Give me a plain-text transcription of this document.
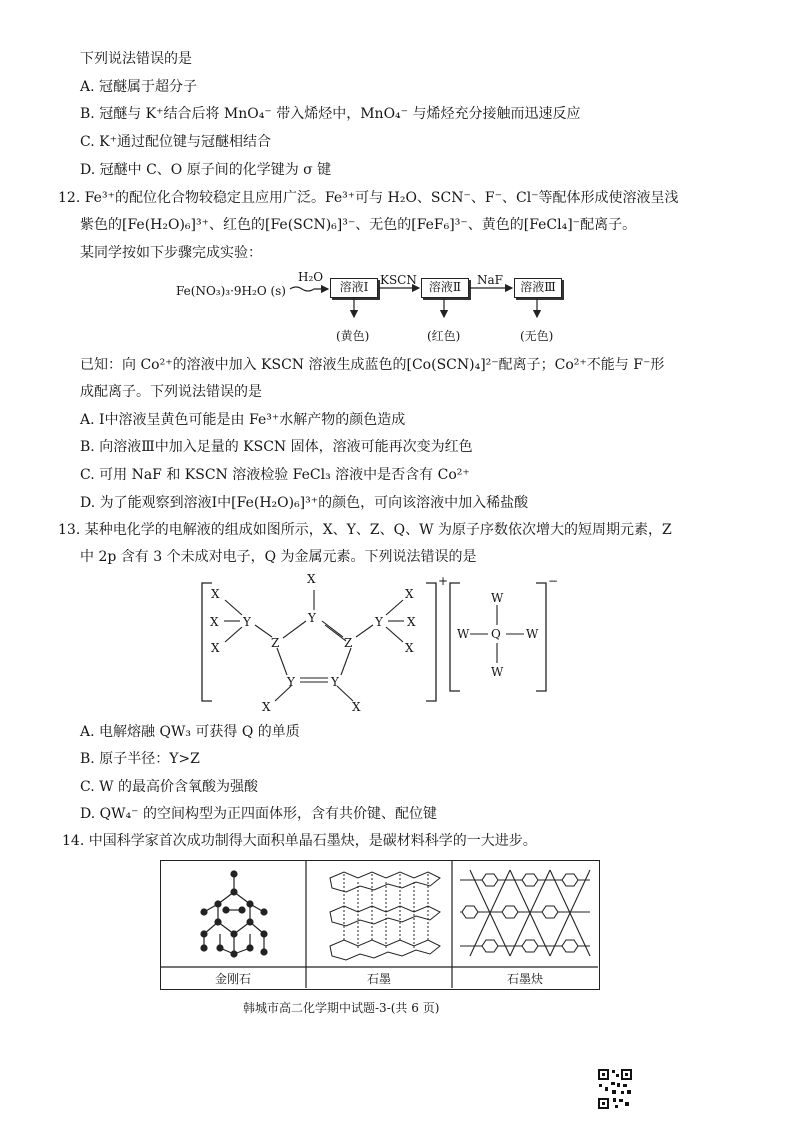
下列说法错误的是
A. 冠醚属于超分子
B. 冠醚与 K⁺结合后将 MnO₄⁻ 带入烯烃中，MnO₄⁻ 与烯烃充分接触而迅速反应
C. K⁺通过配位键与冠醚相结合
D. 冠醚中 C、O 原子间的化学键为 σ 键
12. Fe³⁺的配位化合物较稳定且应用广泛。Fe³⁺可与 H₂O、SCN⁻、F⁻、Cl⁻等配体形成使溶液呈浅
紫色的[Fe(H₂O)₆]³⁺、红色的[Fe(SCN)₆]³⁻、无色的[FeF₆]³⁻、黄色的[FeCl₄]⁻配离子。
某同学按如下步骤完成实验：
Fe(NO₃)₃·9H₂O (s)
H₂O	KSCN	NaF
溶液Ⅰ	溶液Ⅱ	溶液Ⅲ
(黄色)	(红色)	(无色)
已知：向 Co²⁺的溶液中加入 KSCN 溶液生成蓝色的[Co(SCN)₄]²⁻配离子；Co²⁺不能与 F⁻形
成配离子。下列说法错误的是
A. Ⅰ中溶液呈黄色可能是由 Fe³⁺水解产物的颜色造成
B. 向溶液Ⅲ中加入足量的 KSCN 固体，溶液可能再次变为红色
C. 可用 NaF 和 KSCN 溶液检验 FeCl₃ 溶液中是否含有 Co²⁺
D. 为了能观察到溶液Ⅰ中[Fe(H₂O)₆]³⁺的颜色，可向该溶液中加入稀盐酸
13. 某种电化学的电解液的组成如图所示，X、Y、Z、Q、W 为原子序数依次增大的短周期元素，Z
中 2p 含有 3 个未成对电子，Q 为金属元素。下列说法错误的是
+	−
X
Y
X
X
X
Y
Z	Z
Y
X
X
X
Y	Y
X	X
W
W Q W
W
A. 电解熔融 QW₃ 可获得 Q 的单质
B. 原子半径：Y>Z
C. W 的最高价含氧酸为强酸
D. QW₄⁻ 的空间构型为正四面体形，含有共价键、配位键
14. 中国科学家首次成功制得大面积单晶石墨炔，是碳材料科学的一大进步。
金刚石	石墨	石墨炔
韩城市高二化学期中试题-3-(共 6 页)
